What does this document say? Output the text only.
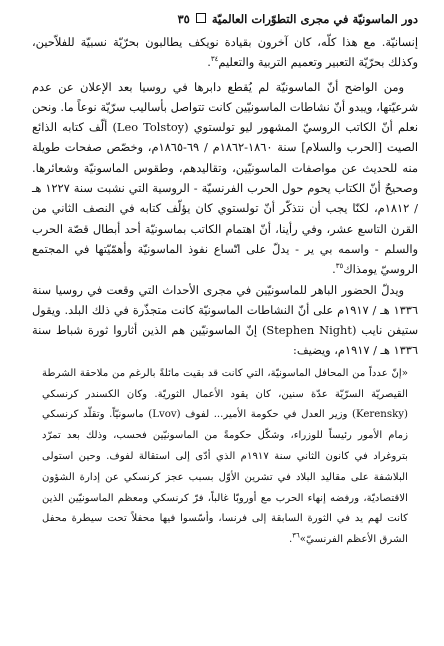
دور الماسونيّة في مجرى التطوّرات العالميّة
٣٥

إنسانيّة. مع هذا كلّه، كان آخرون بقيادة نويكف يطالبون بحرّيّة نسبيّة للفلاّحين، وكذلك بحرّيّة التعبير وتعميم التربية والتعليم$^{٣٤}$.

ومن الواضح أنّ الماسونيّة لم يُقطع دابرها في روسيا بعد الإعلان عن عدم شرعيّتها، ويبدو أنّ نشاطات الماسونيّين كانت تتواصل بأساليب سرّيّة نوعاً ما. ونحن نعلم أنّ الكاتب الروسيّ المشهور ليو تولستوي (Leo Tolstoy) ألّف كتابه الذائع الصيت [الحرب والسلام] سنة ١٨٦٠-١٨٦٢م / ٦٩-١٨٦٥م، وخصّص صفحات طويلة منه للحديث عن مواصفات الماسونيّين، وتقاليدهم، وطقوس الماسونيّة وشعائرها. وصحيحٌ أنّ الكتاب يحوم حول الحرب الفرنسيّة - الروسية التي نشبت سنة ١٢٢٧ هـ / ١٨١٢م، لكنّا يجب أن نتذكّر أنّ تولستوي كان يؤلّف كتابه في النصف الثاني من القرن التاسع عشر، وفي رأينا، أنّ اهتمام الكاتب بماسونيّة أحد أبطال قصّة الحرب والسلم - واسمه بي ير - يدلّ على اتّساع نفوذ الماسونيّة وأهمّيّتها في المجتمع الروسيّ يومذاك$^{٣٥}$.

ويدلّ الحضور الباهر للماسونيّين في مجرى الأحداث التي وقعت في روسيا سنة ١٣٣٦ هـ / ١٩١٧م على أنّ النشاطات الماسونيّة كانت متجذّرة في ذلك البلد. ويقول ستيفن نايب (Stephen Night) إنّ الماسونيّين هم الذين أثاروا ثورة شباط سنة ١٣٣٦ هـ / ١٩١٧م، ويضيف:

«إنّ عدداً من المحافل الماسونيّة، التي كانت قد بقيت مائلةً بالرغم من ملاحقة الشرطة القيصريّة السرّيّة عدّة سنين، كان يقود الأعمال الثوريّة. وكان الكسندر كرنسكي (Kerensky) وزير العدل في حكومة الأمير... لفوف (Lvov) ماسونيّاً. وتقلّد كرنسكي زمام الأمور رئيساً للوزراء، وشكّل حكومةً من الماسونيّين فحسب، وذلك بعد تمرّد بتروغراد في كانون الثاني سنة ١٩١٧م الذي أدّى إلى استقالة لفوف. وحين استولى البلاشفة على مقاليد البلاد في تشرين الأوّل بسبب عجز كرنسكي عن إدارة الشؤون الاقتصاديّة، ورفضه إنهاء الحرب مع أوروبّا غالباً، فرّ كرنسكي ومعظم الماسونيّين الذين كانت لهم يد في الثورة السابقة إلى فرنسا، وأسّسوا فيها محفلاً تحت سيطرة محفل الشرق الأعظم الفرنسيّ»$^{٣٦}$.
